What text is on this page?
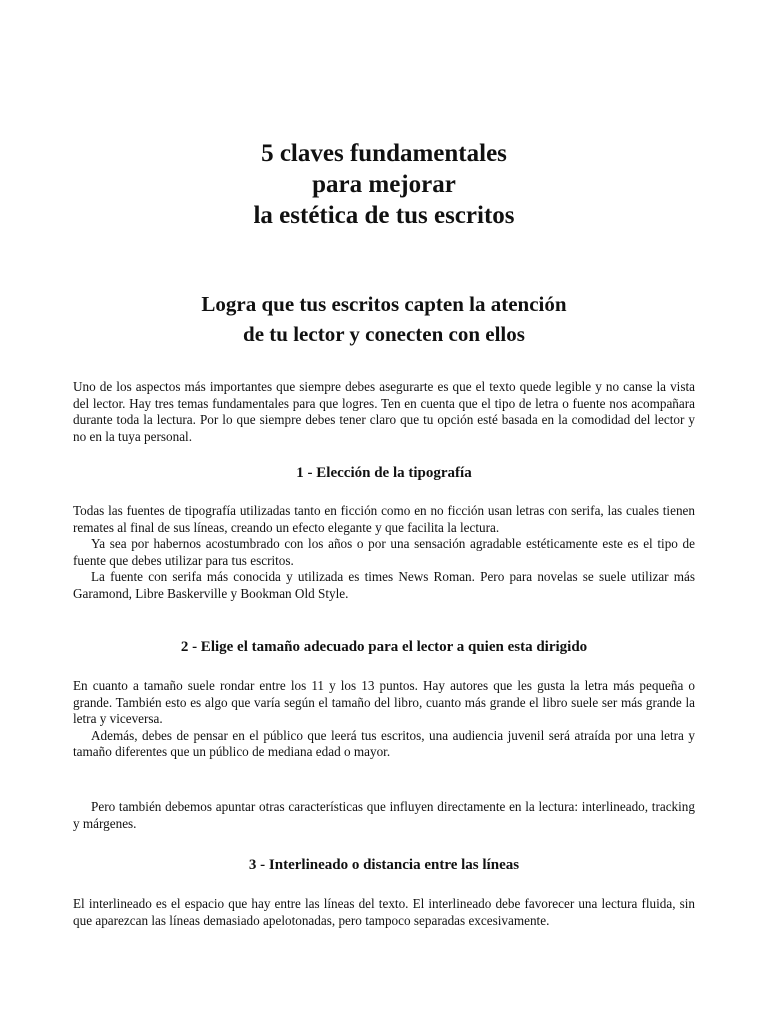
5 claves fundamentales
para mejorar
la estética de tus escritos
Logra que tus escritos capten la atención
de tu lector y conecten con ellos

Uno de los aspectos más importantes que siempre debes asegurarte es que el texto quede legible y no canse la vista del lector. Hay tres temas fundamentales para que logres. Ten en cuenta que el tipo de letra o fuente nos acompañara durante toda la lectura. Por lo que siempre debes tener claro que tu opción esté basada en la comodidad del lector y no en la tuya personal.

1 - Elección de la tipografía

Todas las fuentes de tipografía utilizadas tanto en ficción como en no ficción usan letras con serifa, las cuales tienen remates al final de sus líneas, creando un efecto elegante y que facilita la lectura.

Ya sea por habernos acostumbrado con los años o por una sensación agradable estéticamente este es el tipo de fuente que debes utilizar para tus escritos.

La fuente con serifa más conocida y utilizada es times News Roman. Pero para novelas se suele utilizar más Garamond, Libre Baskerville y Bookman Old Style.

2 - Elige el tamaño adecuado para el lector a quien esta dirigido

En cuanto a tamaño suele rondar entre los 11 y los 13 puntos. Hay autores que les gusta la letra más pequeña o grande. También esto es algo que varía según el tamaño del libro, cuanto más grande el libro suele ser más grande la letra y viceversa.

Además, debes de pensar en el público que leerá tus escritos, una audiencia juvenil será atraída por una letra y tamaño diferentes que un público de mediana edad o mayor.

Pero también debemos apuntar otras características que influyen directamente en la lectura: interlineado, tracking y márgenes.

3 - Interlineado o distancia entre las líneas

El interlineado es el espacio que hay entre las líneas del texto. El interlineado debe favorecer una lectura fluida, sin que aparezcan las líneas demasiado apelotonadas, pero tampoco separadas excesivamente.
